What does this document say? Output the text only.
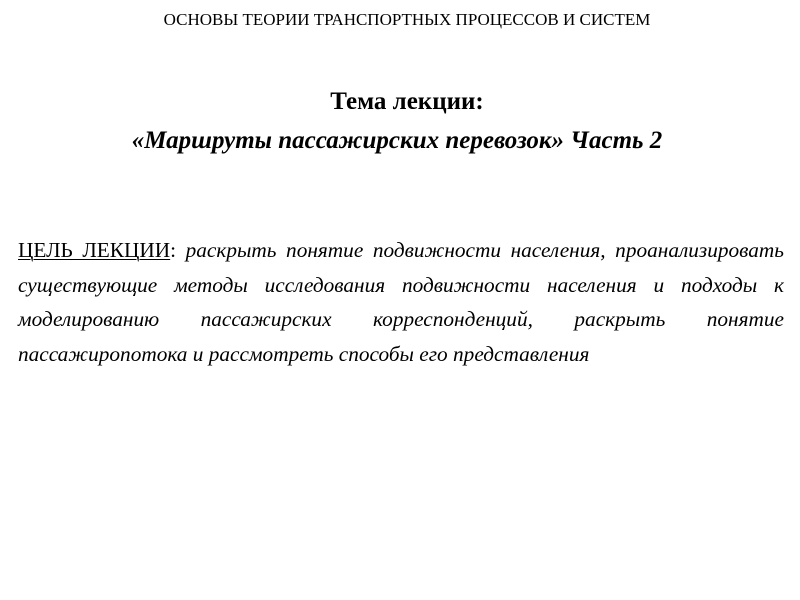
ОСНОВЫ ТЕОРИИ ТРАНСПОРТНЫХ ПРОЦЕССОВ И СИСТЕМ
Тема лекции:
«Маршруты пассажирских перевозок» Часть 2
ЦЕЛЬ ЛЕКЦИИ: раскрыть понятие подвижности населения, проанализировать существующие методы исследования подвижности населения и подходы к моделированию пассажирских корреспонденций, раскрыть понятие пассажиропотока и рассмотреть способы его представления
